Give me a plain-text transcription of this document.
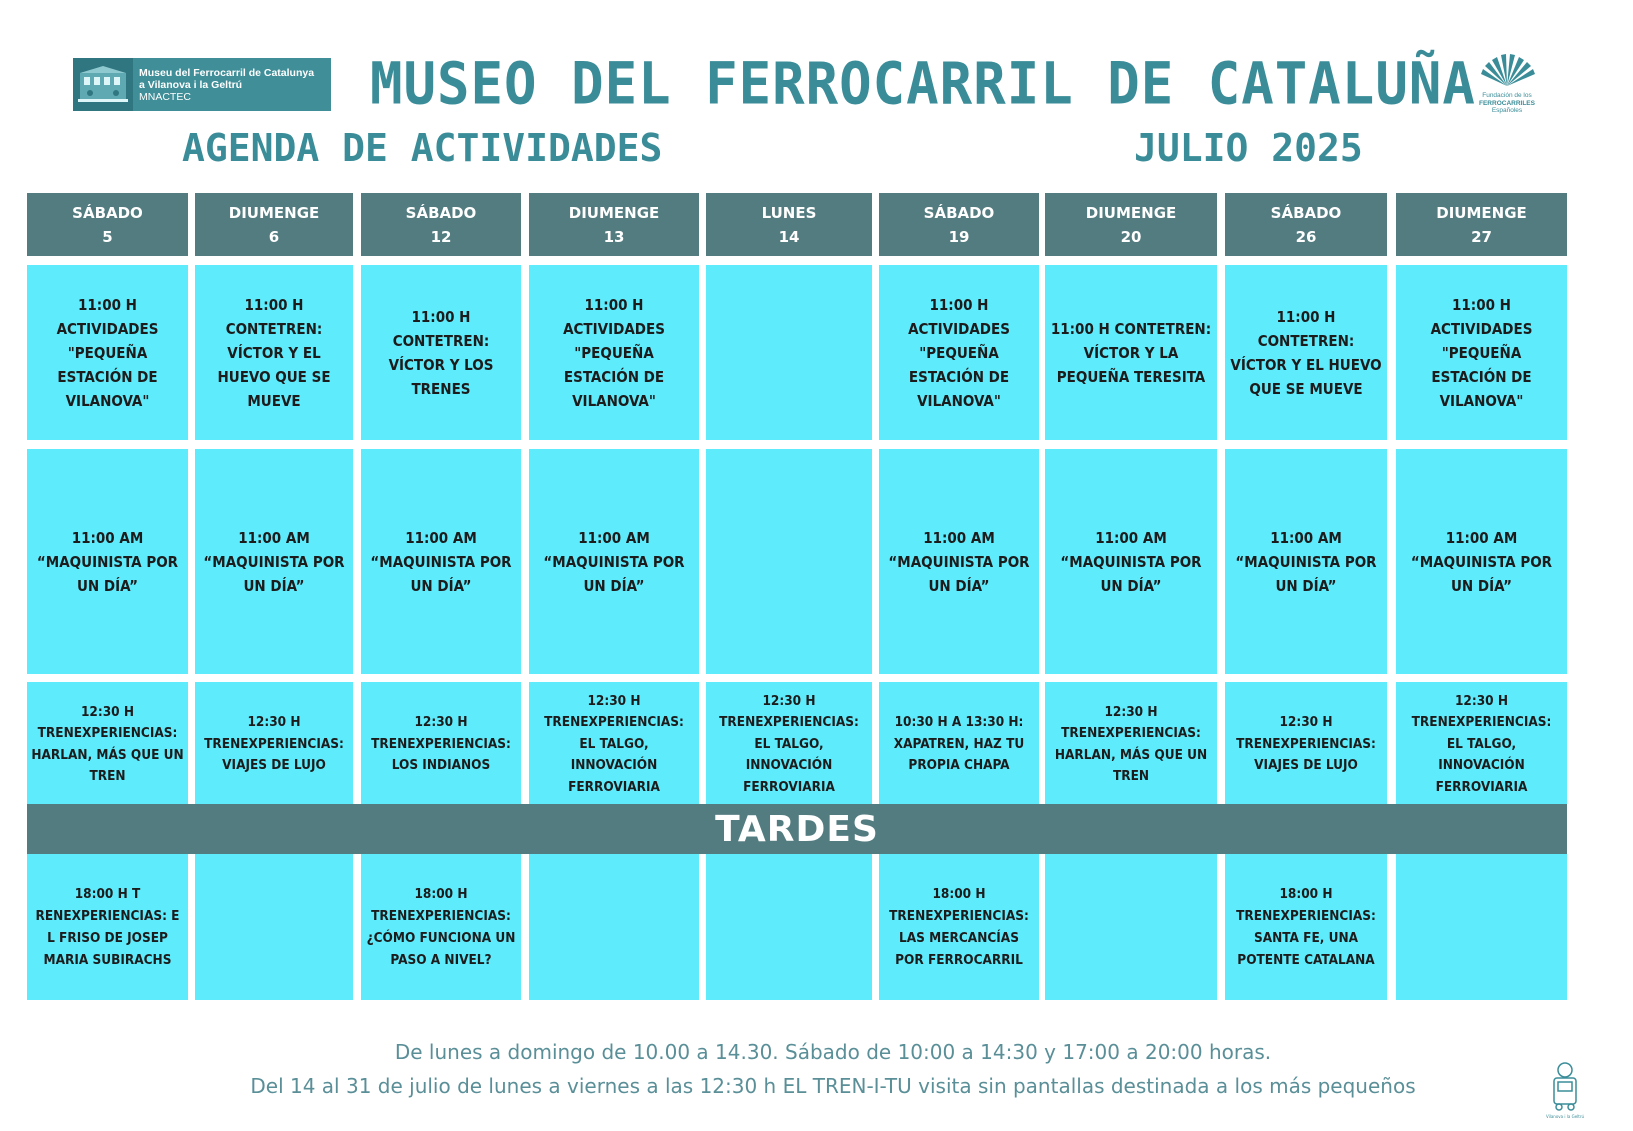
Museu del Ferrocarril de Catalunya
a Vilanova i la Geltrú
MNACTEC	MUSEO DEL FERROCARRIL DE CATALUÑA
AGENDA DE ACTIVIDADES	JULIO 2025
Fundación de los
FERROCARRILES
Españoles
SÁBADO
5
11:00 H
ACTIVIDADES
"PEQUEÑA
ESTACIÓN DE
VILANOVA"
11:00 AM
“MAQUINISTA POR
UN DÍA”
12:30 H
TRENEXPERIENCIAS:
HARLAN, MÁS QUE UN
TREN
18:00 H T
RENEXPERIENCIAS: E
L FRISO DE JOSEP
MARIA SUBIRACHS
DIUMENGE
6
11:00 H
CONTETREN:
VÍCTOR Y EL
HUEVO QUE SE
MUEVE
11:00 AM
“MAQUINISTA POR
UN DÍA”
12:30 H
TRENEXPERIENCIAS:
VIAJES DE LUJO
SÁBADO
12
11:00 H
CONTETREN:
VÍCTOR Y LOS
TRENES
11:00 AM
“MAQUINISTA POR
UN DÍA”
12:30 H
TRENEXPERIENCIAS:
LOS INDIANOS
18:00 H
TRENEXPERIENCIAS:
¿CÓMO FUNCIONA UN
PASO A NIVEL?
DIUMENGE
13
11:00 H
ACTIVIDADES
"PEQUEÑA
ESTACIÓN DE
VILANOVA"
11:00 AM
“MAQUINISTA POR
UN DÍA”
12:30 H
TRENEXPERIENCIAS:
EL TALGO,
INNOVACIÓN
FERROVIARIA
LUNES
14
12:30 H
TRENEXPERIENCIAS:
EL TALGO,
INNOVACIÓN
FERROVIARIA
SÁBADO
19
11:00 H
ACTIVIDADES
"PEQUEÑA
ESTACIÓN DE
VILANOVA"
11:00 AM
“MAQUINISTA POR
UN DÍA”
10:30 H A 13:30 H:
XAPATREN, HAZ TU
PROPIA CHAPA
18:00 H
TRENEXPERIENCIAS:
LAS MERCANCÍAS
POR FERROCARRIL
DIUMENGE
20
11:00 H CONTETREN:
VÍCTOR Y LA
PEQUEÑA TERESITA
11:00 AM
“MAQUINISTA POR
UN DÍA”
12:30 H
TRENEXPERIENCIAS:
HARLAN, MÁS QUE UN
TREN
SÁBADO
26
11:00 H
CONTETREN:
VÍCTOR Y EL HUEVO
QUE SE MUEVE
11:00 AM
“MAQUINISTA POR
UN DÍA”
12:30 H
TRENEXPERIENCIAS:
VIAJES DE LUJO
18:00 H
TRENEXPERIENCIAS:
SANTA FE, UNA
POTENTE CATALANA
DIUMENGE
27
11:00 H
ACTIVIDADES
"PEQUEÑA
ESTACIÓN DE
VILANOVA"
11:00 AM
“MAQUINISTA POR
UN DÍA”
12:30 H
TRENEXPERIENCIAS:
EL TALGO,
INNOVACIÓN
FERROVIARIA
TARDES
De lunes a domingo de 10.00 a 14.30. Sábado de 10:00 a 14:30 y 17:00 a 20:00 horas.
Del 14 al 31 de julio de lunes a viernes a las 12:30 h EL TREN-I-TU visita sin pantallas destinada a los más pequeños
Vilanova i la Geltrú
